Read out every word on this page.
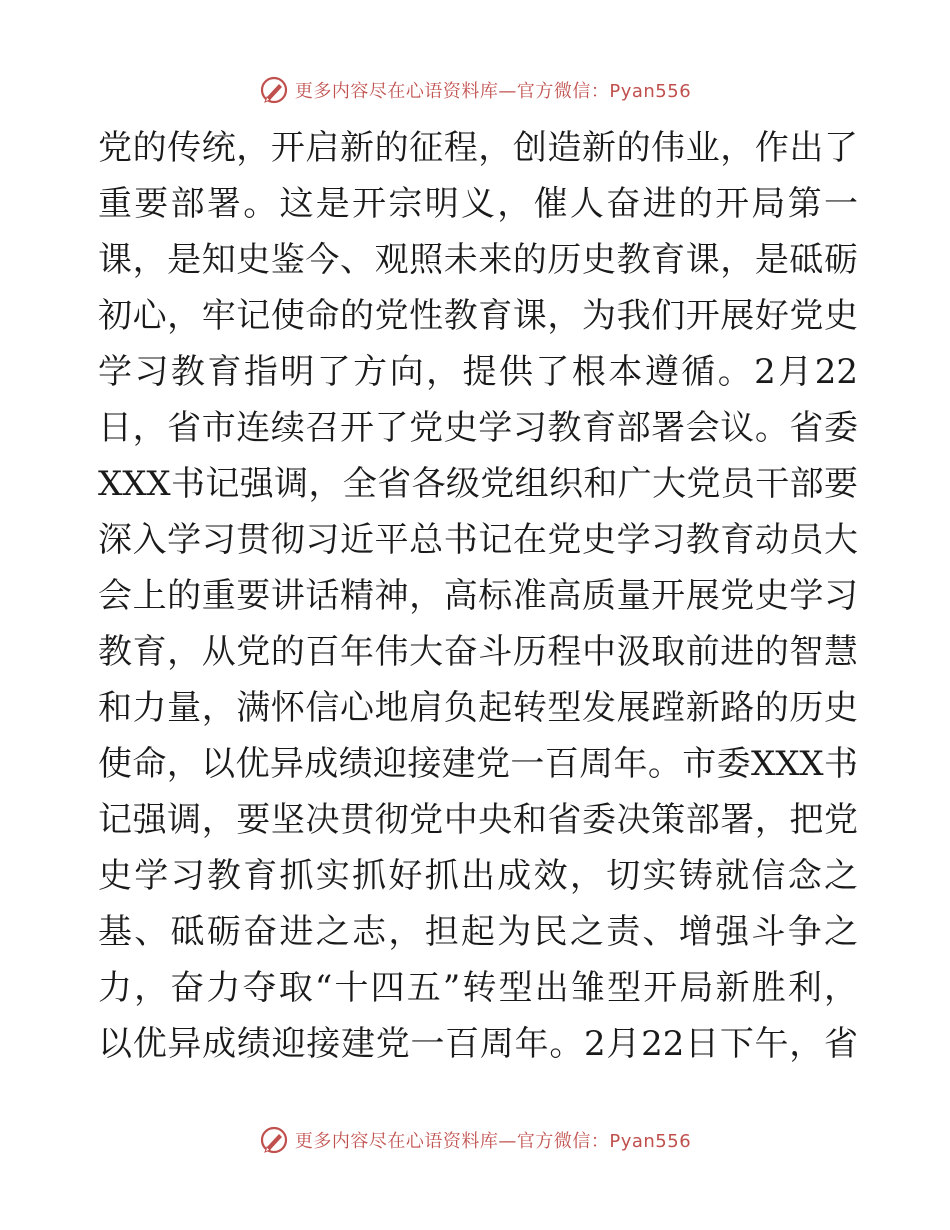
更多内容尽在心语资料库—官方微信：Pyan556
党的传统，开启新的征程，创造新的伟业，作出了
重要部署。这是开宗明义，催人奋进的开局第一
课，是知史鉴今、观照未来的历史教育课，是砥砺
初心，牢记使命的党性教育课，为我们开展好党史
学习教育指明了方向，提供了根本遵循。2月22
日，省市连续召开了党史学习教育部署会议。省委
XXX书记强调，全省各级党组织和广大党员干部要
深入学习贯彻习近平总书记在党史学习教育动员大
会上的重要讲话精神，高标准高质量开展党史学习
教育，从党的百年伟大奋斗历程中汲取前进的智慧
和力量，满怀信心地肩负起转型发展蹚新路的历史
使命，以优异成绩迎接建党一百周年。市委XXX书
记强调，要坚决贯彻党中央和省委决策部署，把党
史学习教育抓实抓好抓出成效，切实铸就信念之
基、砥砺奋进之志，担起为民之责、增强斗争之
力，奋力夺取“十四五”转型出雏型开局新胜利，
以优异成绩迎接建党一百周年。2月22日下午，省
更多内容尽在心语资料库—官方微信：Pyan556
